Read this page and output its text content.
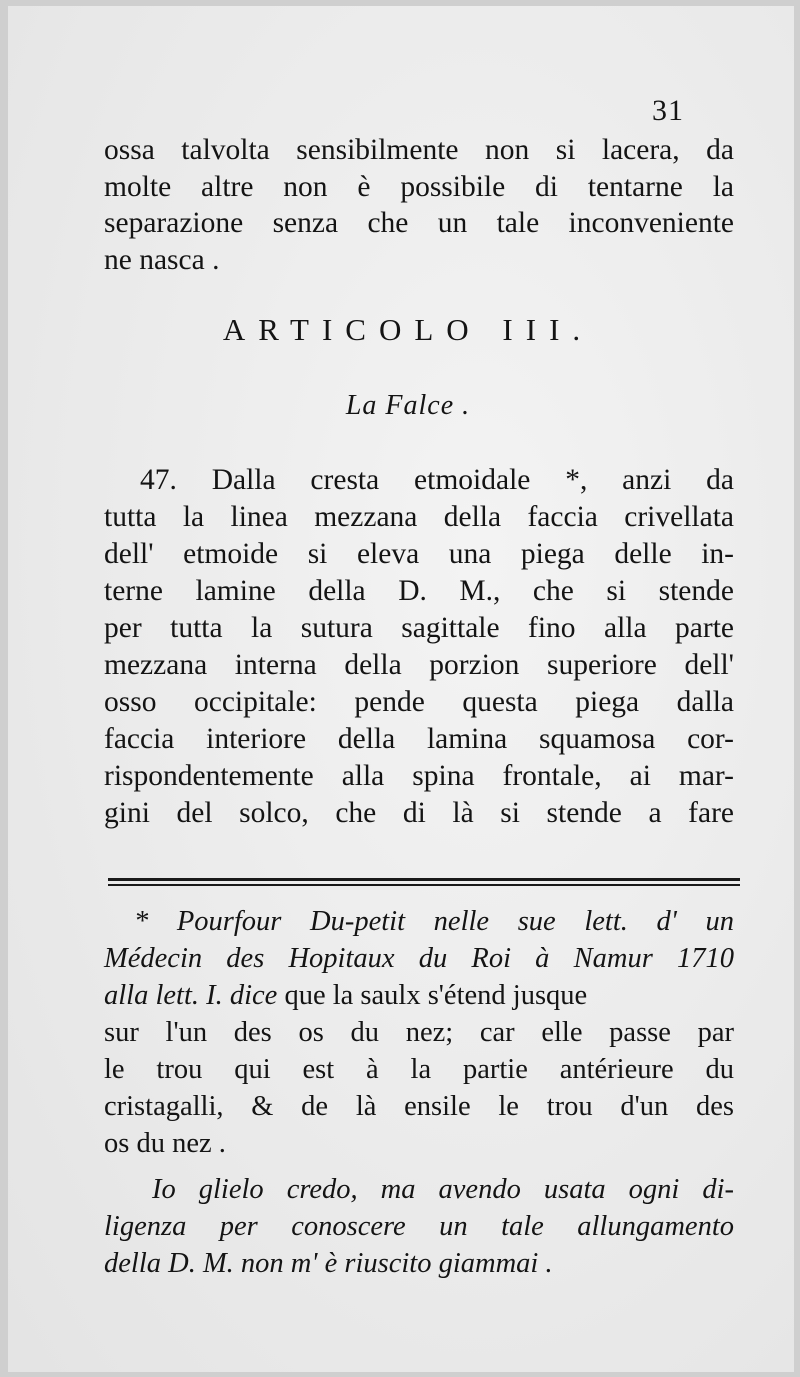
31
ossa talvolta sensibilmente non si lacera, da
molte altre non è possibile di tentarne la
separazione senza che un tale inconveniente
ne nasca .
ARTICOLO III.
La Falce .
47. Dalla cresta etmoidale *, anzi da
tutta la linea mezzana della faccia crivellata
dell' etmoide si eleva una piega delle in-
terne lamine della D. M., che si stende
per tutta la sutura sagittale fino alla parte
mezzana interna della porzion superiore dell'
osso occipitale: pende questa piega dalla
faccia interiore della lamina squamosa cor-
rispondentemente alla spina frontale, ai mar-
gini del solco, che di là si stende a fare
* Pourfour Du-petit nelle sue lett. d' un
Médecin des Hopitaux du Roi à Namur 1710
alla lett. I. dice que la saulx s'étend jusque
sur l'un des os du nez; car elle passe par
le trou qui est à la partie antérieure du
cristagalli, & de là ensile le trou d'un des
os du nez .
Io glielo credo, ma avendo usata ogni di-
ligenza per conoscere un tale allungamento
della D. M. non m' è riuscito giammai .
